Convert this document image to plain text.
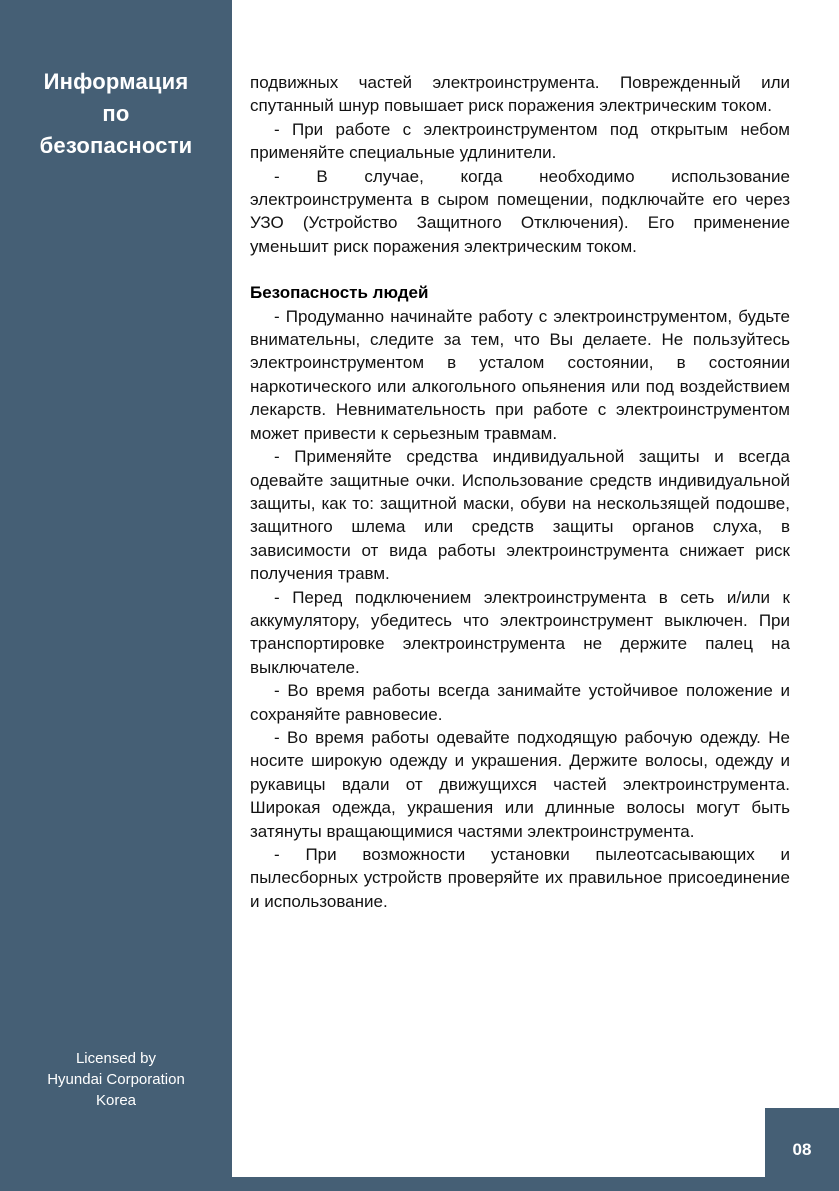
Информация
по
безопасности
Licensed by
Hyundai Corporation
Korea

подвижных частей электроинструмента. Поврежденный или спутанный шнур повышает риск поражения электрическим током.

- При работе с электроинструментом под открытым небом применяйте специальные удлинители.

- В случае, когда необходимо использование электроинструмента в сыром помещении, подключайте его через УЗО (Устройство Защитного Отключения). Его применение уменьшит риск поражения электрическим током.

Безопасность людей

- Продуманно начинайте работу с электроинструментом, будьте внимательны, следите за тем, что Вы делаете. Не пользуйтесь электроинструментом в усталом состоянии, в состоянии наркотического или алкогольного опьянения или под воздействием лекарств. Невнимательность при работе с электроинструментом может привести к серьезным травмам.

- Применяйте средства индивидуальной защиты и всегда одевайте защитные очки. Использование средств индивидуальной защиты, как то: защитной маски, обуви на нескользящей подошве, защитного шлема или средств защиты органов слуха, в зависимости от вида работы электроинструмента снижает риск получения травм.

- Перед подключением электроинструмента в сеть и/или к аккумулятору, убедитесь что электроинструмент выключен. При транспортировке электроинструмента не держите палец на выключателе.

- Во время работы всегда занимайте устойчивое положение и сохраняйте равновесие.

- Во время работы одевайте подходящую рабочую одежду. Не носите широкую одежду и украшения. Держите волосы, одежду и рукавицы вдали от движущихся частей электроинструмента. Широкая одежда, украшения или длинные волосы могут быть затянуты вращающимися частями электроинструмента.

- При возможности установки пылеотсасывающих и пылесборных устройств проверяйте их правильное присоединение и использование.

08
